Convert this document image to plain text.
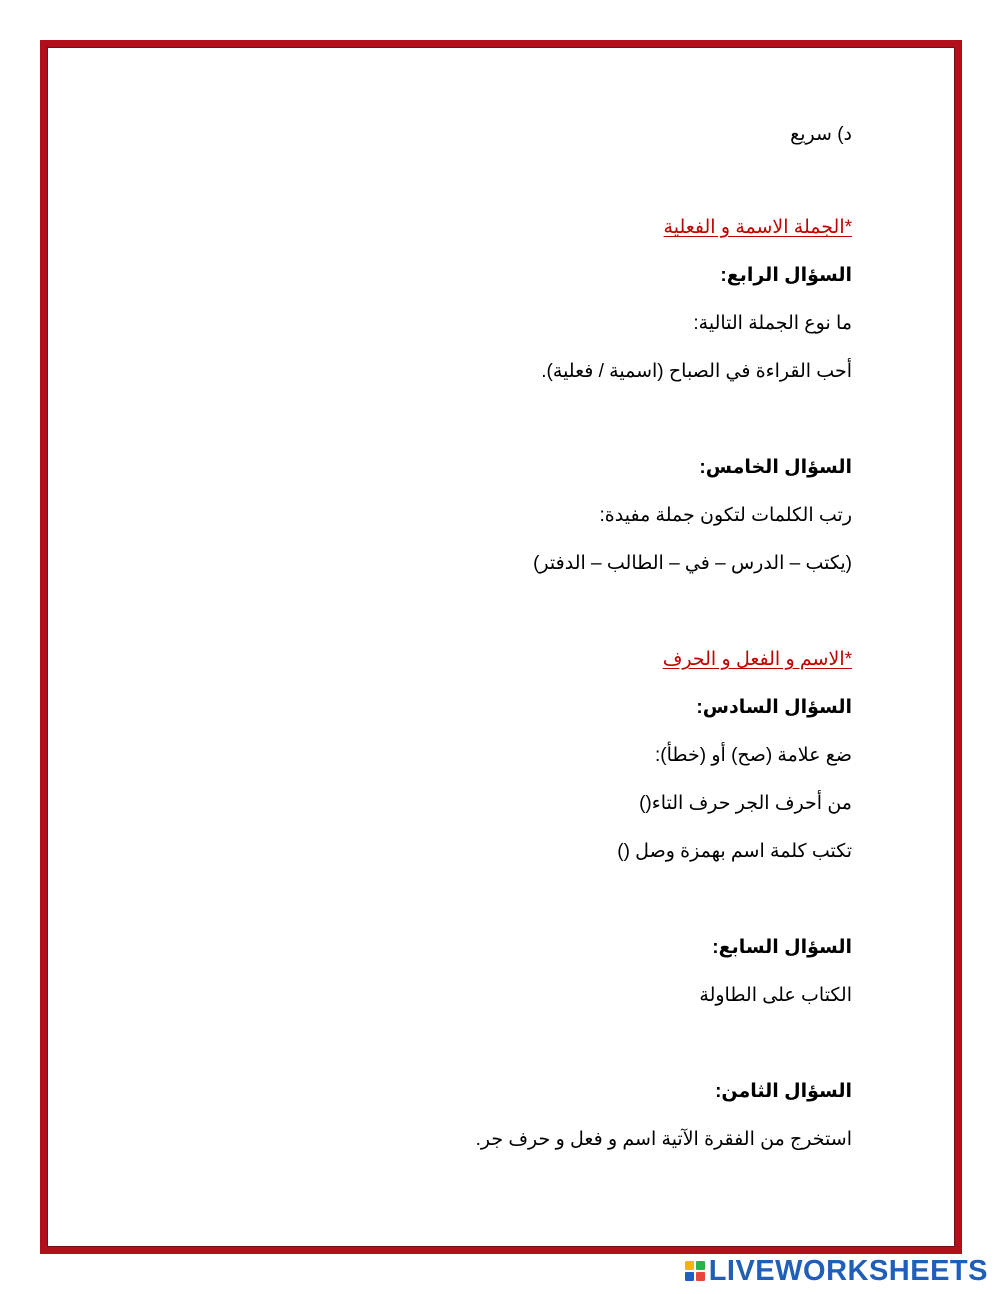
د) سريع
*الجملة الاسمة و الفعلية
السؤال الرابع:
ما نوع الجملة التالية:
أحب القراءة في الصباح (اسمية / فعلية).
السؤال الخامس:
رتب الكلمات لتكون جملة مفيدة:
(يكتب – الدرس – في – الطالب – الدفتر)
*الاسم و الفعل و الحرف
السؤال السادس:
ضع علامة (صح) أو (خطأ):
من أحرف الجر حرف التاء()
تكتب كلمة اسم بهمزة وصل ()
السؤال السابع:
الكتاب على الطاولة
السؤال الثامن:
استخرج من الفقرة الآتية اسم و فعل و حرف جر.
LIVEWORKSHEETS
